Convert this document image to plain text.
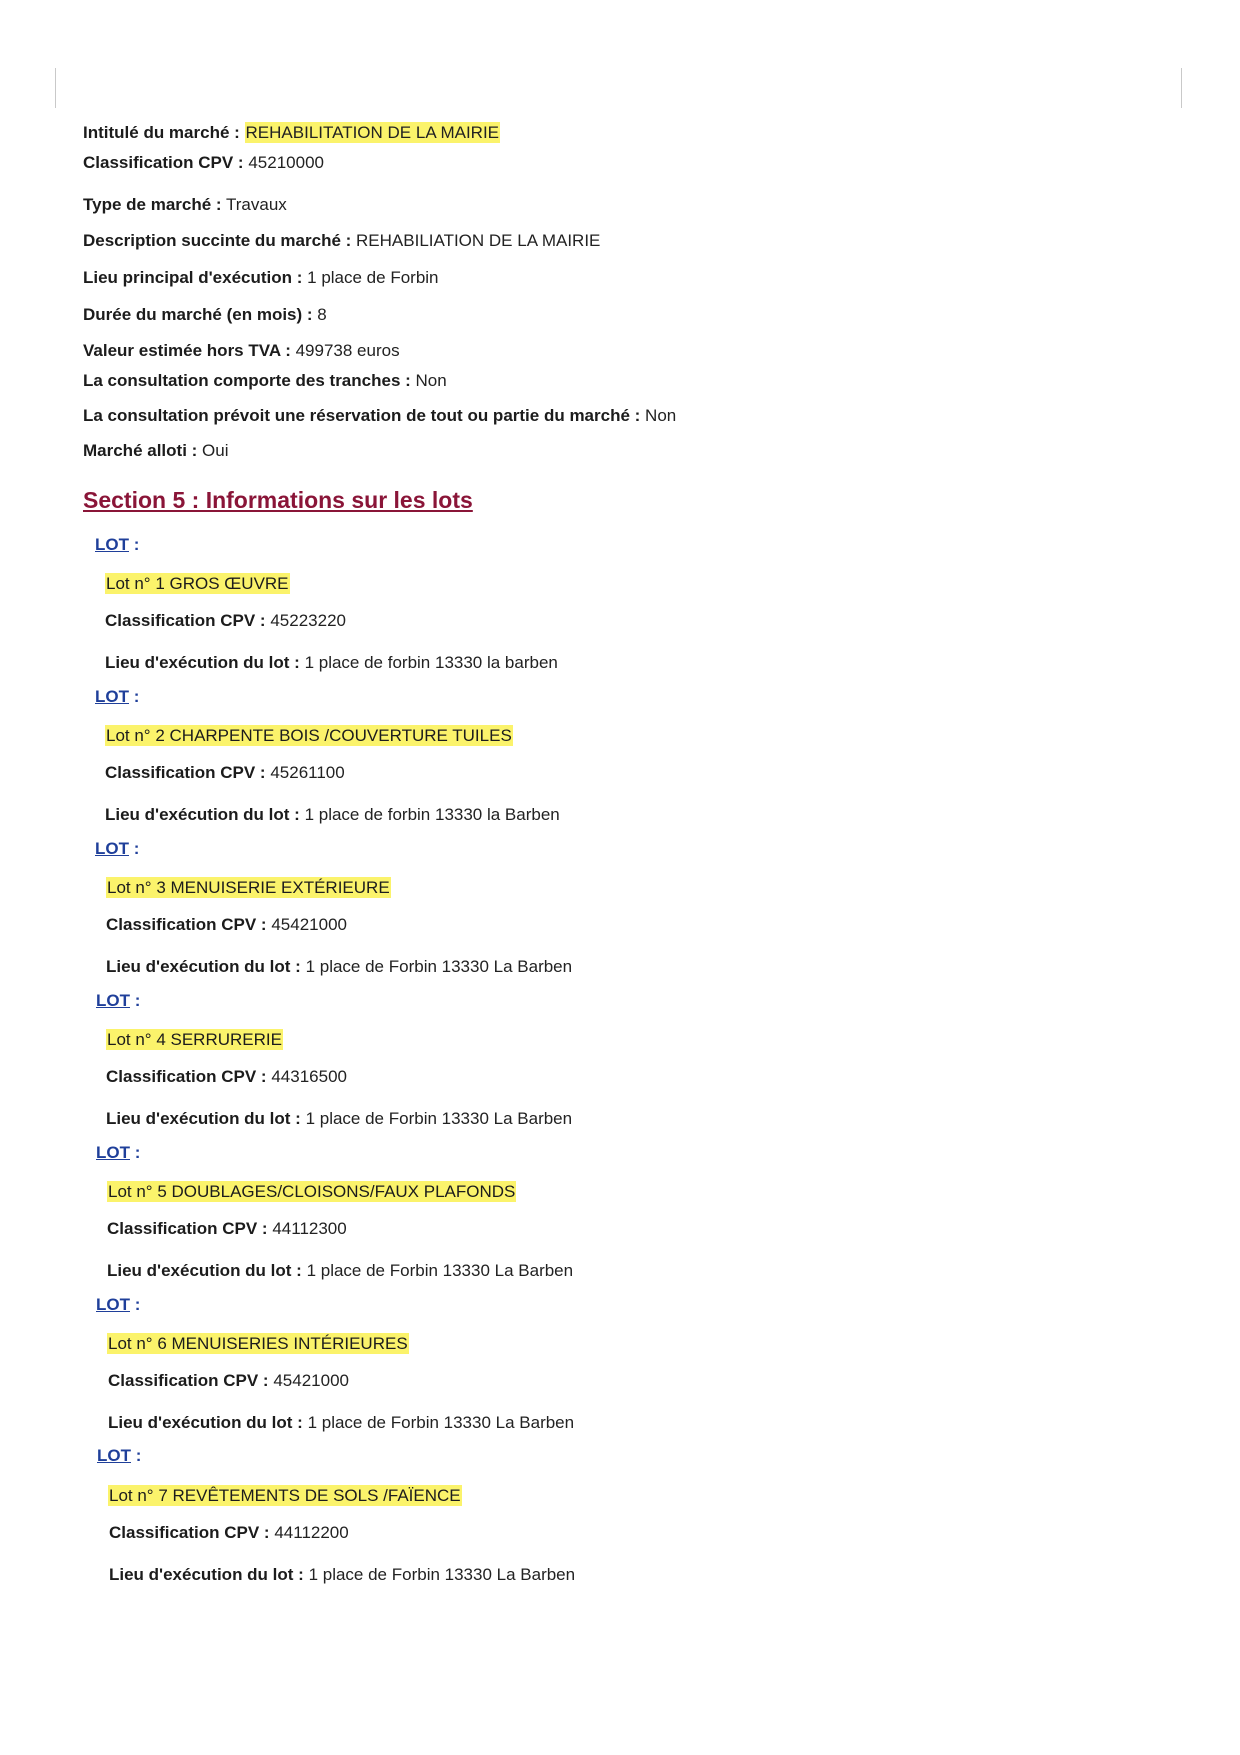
Intitulé du marché : REHABILITATION DE LA MAIRIE
Classification CPV : 45210000
Type de marché : Travaux
Description succinte du marché : REHABILIATION DE LA MAIRIE
Lieu principal d'exécution : 1 place de Forbin
Durée du marché (en mois) : 8
Valeur estimée hors TVA : 499738 euros
La consultation comporte des tranches : Non
La consultation prévoit une réservation de tout ou partie du marché : Non
Marché alloti : Oui
Section 5 : Informations sur les lots
LOT :
Lot n° 1 GROS ŒUVRE
Classification CPV : 45223220
Lieu d'exécution du lot : 1 place de forbin 13330 la barben
LOT :
Lot n° 2 CHARPENTE BOIS /COUVERTURE TUILES
Classification CPV : 45261100
Lieu d'exécution du lot : 1 place de forbin 13330 la Barben
LOT :
Lot n° 3 MENUISERIE EXTÉRIEURE
Classification CPV : 45421000
Lieu d'exécution du lot : 1 place de Forbin 13330 La Barben
LOT :
Lot n° 4 SERRURERIE
Classification CPV : 44316500
Lieu d'exécution du lot : 1 place de Forbin 13330 La Barben
LOT :
Lot n° 5 DOUBLAGES/CLOISONS/FAUX PLAFONDS
Classification CPV : 44112300
Lieu d'exécution du lot : 1 place de Forbin 13330 La Barben
LOT :
Lot n° 6 MENUISERIES INTÉRIEURES
Classification CPV : 45421000
Lieu d'exécution du lot : 1 place de Forbin 13330 La Barben
LOT :
Lot n° 7 REVÊTEMENTS DE SOLS /FAÏENCE
Classification CPV : 44112200
Lieu d'exécution du lot : 1 place de Forbin 13330 La Barben
